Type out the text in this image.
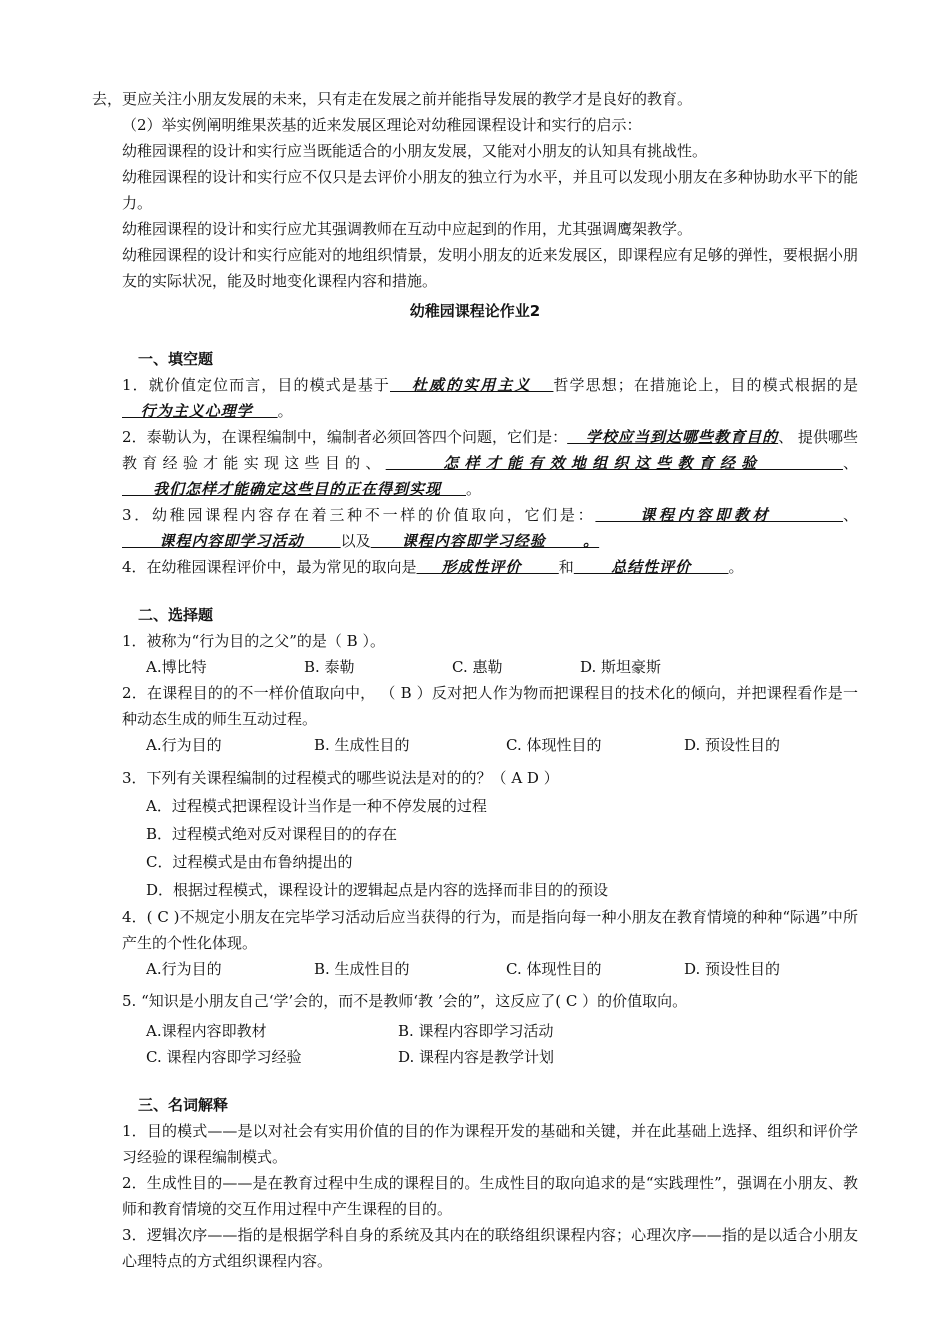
去，更应关注小朋友发展的未来，只有走在发展之前并能指导发展的教学才是良好的教育。

（2）举实例阐明维果茨基的近来发展区理论对幼稚园课程设计和实行的启示：

幼稚园课程的设计和实行应当既能适合的小朋友发展，又能对小朋友的认知具有挑战性。

幼稚园课程的设计和实行应不仅只是去评价小朋友的独立行为水平，并且可以发现小朋友在多种协助水平下的能力。

幼稚园课程的设计和实行应尤其强调教师在互动中应起到的作用，尤其强调鹰架教学。

幼稚园课程的设计和实行应能对的地组织情景，发明小朋友的近来发展区，即课程应有足够的弹性，要根据小朋友的实际状况，能及时地变化课程内容和措施。

幼稚园课程论作业2
一、填空题

1．就价值定位而言，目的模式是基于   杜威的实用主义   哲学思想；在措施论上，目的模式根据的是   行为主义心理学    。

2．泰勒认为，在课程编制中，编制者必须回答四个问题，它们是：   学校应当到达哪些教育目的、 提供哪些教育经验才能实现这些目的、     怎样才能有效地组织这些教育经验       、     我们怎样才能确定这些目的正在得到实现    。

3．幼稚园课程内容存在着三种不一样的价值取向，它们是：     课程内容即教材        、      课程内容即学习活动      以及     课程内容即学习经验      。

4．在幼稚园课程评价中，最为常见的取向是    形成性评价      和      总结性评价      。

二、选择题

1．被称为“行为目的之父”的是（ B ）。

A.博比特	B. 泰勒	C. 惠勒	D. 斯坦豪斯

2．在课程目的的不一样价值取向中， （ B ）反对把人作为物而把课程目的技术化的倾向，并把课程看作是一种动态生成的师生互动过程。

A.行为目的	B. 生成性目的	C. 体现性目的	D. 预设性目的

3．下列有关课程编制的过程模式的哪些说法是对的的？（ A D ）

A．过程模式把课程设计当作是一种不停发展的过程

B．过程模式绝对反对课程目的的存在

C．过程模式是由布鲁纳提出的

D．根据过程模式，课程设计的逻辑起点是内容的选择而非目的的预设

4．( C )不规定小朋友在完毕学习活动后应当获得的行为，而是指向每一种小朋友在教育情境的种种“际遇”中所产生的个性化体现。

A.行为目的	B. 生成性目的	C. 体现性目的	D. 预设性目的

5. “知识是小朋友自己‘学’会的，而不是教师‘教 ’会的”，这反应了( C ）的价值取向。

A.课程内容即教材	B. 课程内容即学习活动
C. 课程内容即学习经验	D. 课程内容是教学计划
三、名词解释

1．目的模式——是以对社会有实用价值的目的作为课程开发的基础和关键，并在此基础上选择、组织和评价学习经验的课程编制模式。

2．生成性目的——是在教育过程中生成的课程目的。生成性目的取向追求的是“实践理性”，强调在小朋友、教师和教育情境的交互作用过程中产生课程的目的。

3．逻辑次序——指的是根据学科自身的系统及其内在的联络组织课程内容；心理次序——指的是以适合小朋友心理特点的方式组织课程内容。
